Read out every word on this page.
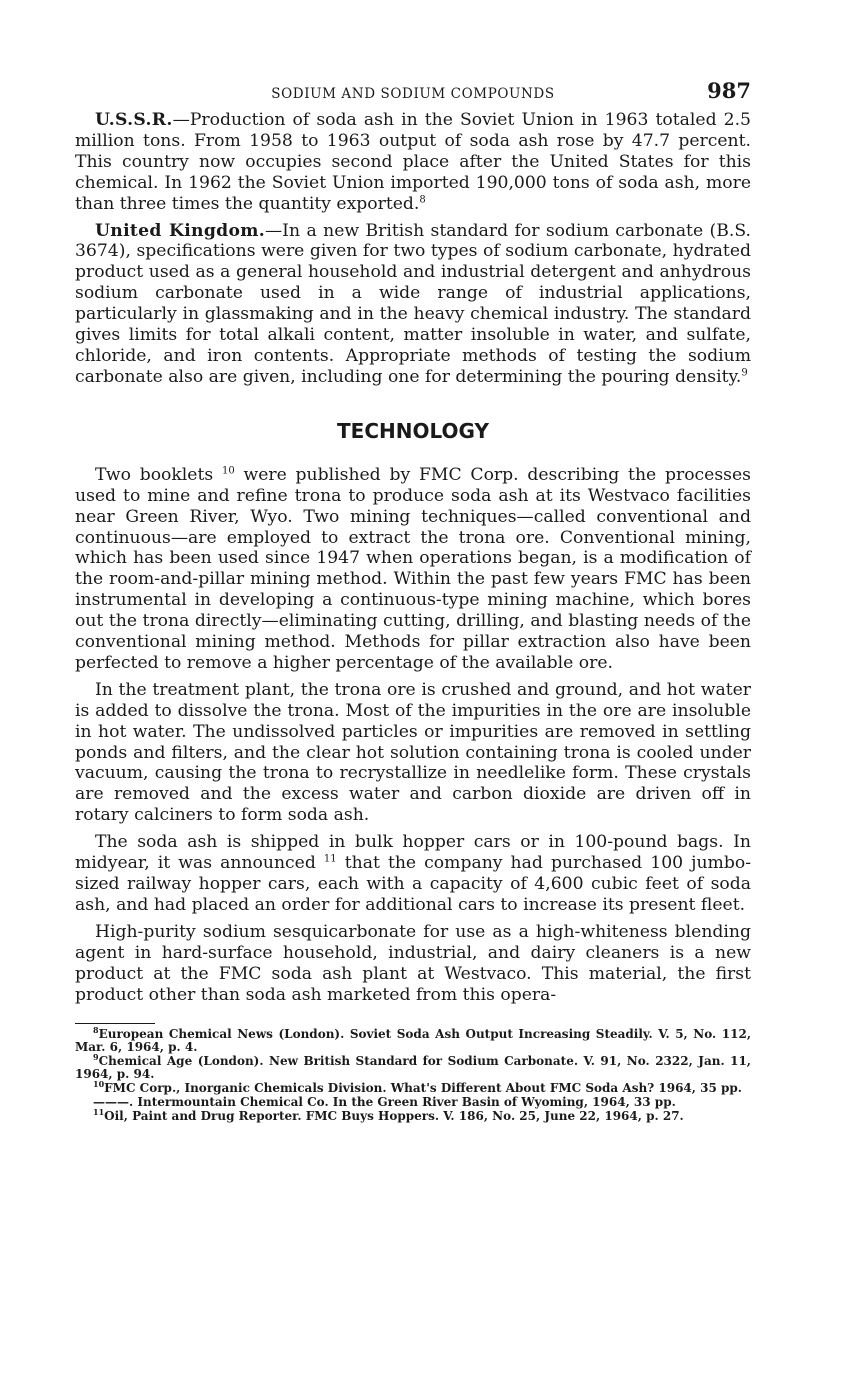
SODIUM AND SODIUM COMPOUNDS	987

U.S.S.R.—Production of soda ash in the Soviet Union in 1963 totaled 2.5 million tons. From 1958 to 1963 output of soda ash rose by 47.7 percent. This country now occupies second place after the United States for this chemical. In 1962 the Soviet Union imported 190,000 tons of soda ash, more than three times the quantity exported.$^8$

United Kingdom.—In a new British standard for sodium carbonate (B.S. 3674), specifications were given for two types of sodium carbonate, hydrated product used as a general household and industrial detergent and anhydrous sodium carbonate used in a wide range of industrial applications, particularly in glassmaking and in the heavy chemical industry. The standard gives limits for total alkali content, matter insoluble in water, and sulfate, chloride, and iron contents. Appropriate methods of testing the sodium carbonate also are given, including one for determining the pouring density.$^9$

TECHNOLOGY

Two booklets $^{10}$ were published by FMC Corp. describing the processes used to mine and refine trona to produce soda ash at its Westvaco facilities near Green River, Wyo. Two mining techniques—called conventional and continuous—are employed to extract the trona ore. Conventional mining, which has been used since 1947 when operations began, is a modification of the room-and-pillar mining method. Within the past few years FMC has been instrumental in developing a continuous-type mining machine, which bores out the trona directly—eliminating cutting, drilling, and blasting needs of the conventional mining method. Methods for pillar extraction also have been perfected to remove a higher percentage of the available ore.

In the treatment plant, the trona ore is crushed and ground, and hot water is added to dissolve the trona. Most of the impurities in the ore are insoluble in hot water. The undissolved particles or impurities are removed in settling ponds and filters, and the clear hot solution containing trona is cooled under vacuum, causing the trona to recrystallize in needlelike form. These crystals are removed and the excess water and carbon dioxide are driven off in rotary calciners to form soda ash.

The soda ash is shipped in bulk hopper cars or in 100-pound bags. In midyear, it was announced $^{11}$ that the company had purchased 100 jumbo-sized railway hopper cars, each with a capacity of 4,600 cubic feet of soda ash, and had placed an order for additional cars to increase its present fleet.

High-purity sodium sesquicarbonate for use as a high-whiteness blending agent in hard-surface household, industrial, and dairy cleaners is a new product at the FMC soda ash plant at Westvaco. This material, the first product other than soda ash marketed from this opera-

$^8$European Chemical News (London). Soviet Soda Ash Output Increasing Steadily. V. 5, No. 112, Mar. 6, 1964, p. 4.
$^9$Chemical Age (London). New British Standard for Sodium Carbonate. V. 91, No. 2322, Jan. 11, 1964, p. 94.
$^{10}$FMC Corp., Inorganic Chemicals Division. What's Different About FMC Soda Ash? 1964, 35 pp.
———. Intermountain Chemical Co. In the Green River Basin of Wyoming, 1964, 33 pp.
$^{11}$Oil, Paint and Drug Reporter. FMC Buys Hoppers. V. 186, No. 25, June 22, 1964, p. 27.
